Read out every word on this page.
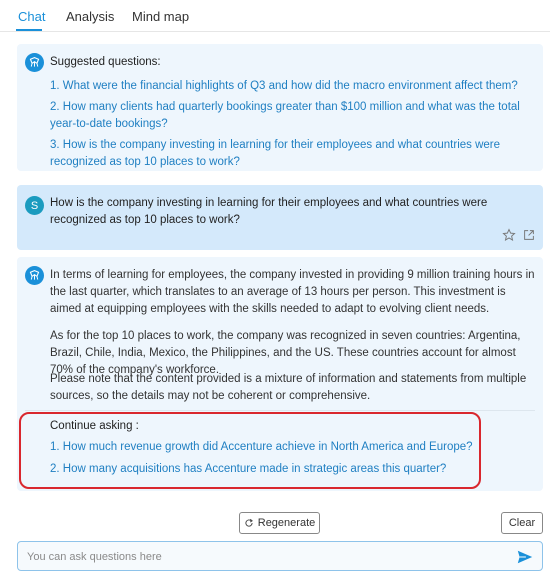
Chat Analysis Mind map
Suggested questions:
1. What were the financial highlights of Q3 and how did the macro environment affect them?
2. How many clients had quarterly bookings greater than $100 million and what was the total year-to-date bookings?
3. How is the company investing in learning for their employees and what countries were recognized as top 10 places to work?
S How is the company investing in learning for their employees and what countries were recognized as top 10 places to work?

In terms of learning for employees, the company invested in providing 9 million training hours in the last quarter, which translates to an average of 13 hours per person. This investment is aimed at equipping employees with the skills needed to adapt to evolving client needs.

As for the top 10 places to work, the company was recognized in seven countries: Argentina, Brazil, Chile, India, Mexico, the Philippines, and the US. These countries account for almost 70% of the company's workforce.

Please note that the content provided is a mixture of information and statements from multiple sources, so the details may not be coherent or comprehensive.

Continue asking :
1. How much revenue growth did Accenture achieve in North America and Europe?
2. How many acquisitions has Accenture made in strategic areas this quarter?
Regenerate	Clear
You can ask questions here
